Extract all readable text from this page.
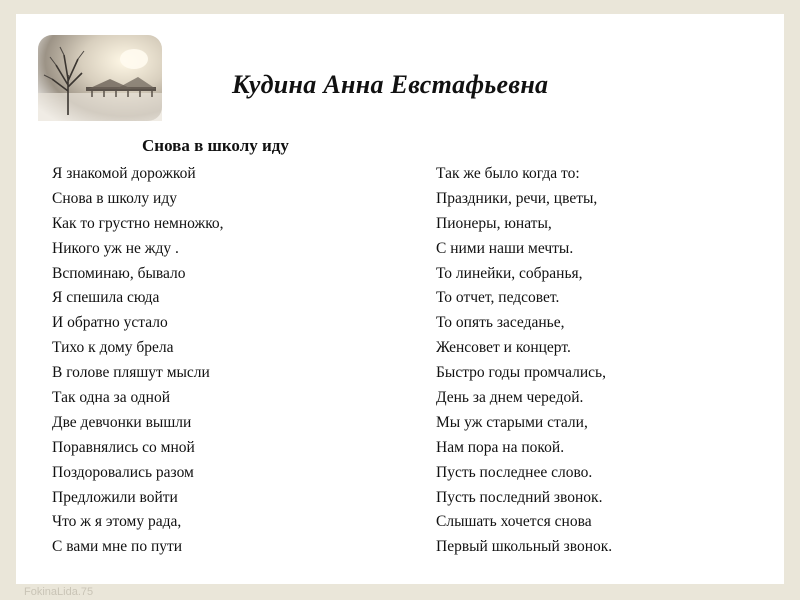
Кудина Анна Евстафьевна
Снова в школу иду
Я знакомой дорожкой
Снова в школу иду
Как то грустно немножко,
Никого уж не жду .
Вспоминаю, бывало
Я спешила сюда
И обратно устало
Тихо к дому брела
В голове пляшут мысли
Так одна за одной
Две девчонки вышли
Поравнялись со мной
Поздоровались разом
Предложили войти
Что ж я этому рада,
С вами мне по пути
Так же было когда то:
Праздники, речи, цветы,
Пионеры, юнаты,
С ними наши мечты.
То линейки, собранья,
То отчет, педсовет.
То опять заседанье,
Женсовет и концерт.
Быстро годы промчались,
День за днем чередой.
Мы уж старыми стали,
Нам пора на покой.
Пусть последнее слово.
Пусть последний звонок.
Слышать хочется снова
Первый школьный звонок.
FokinaLida.75
